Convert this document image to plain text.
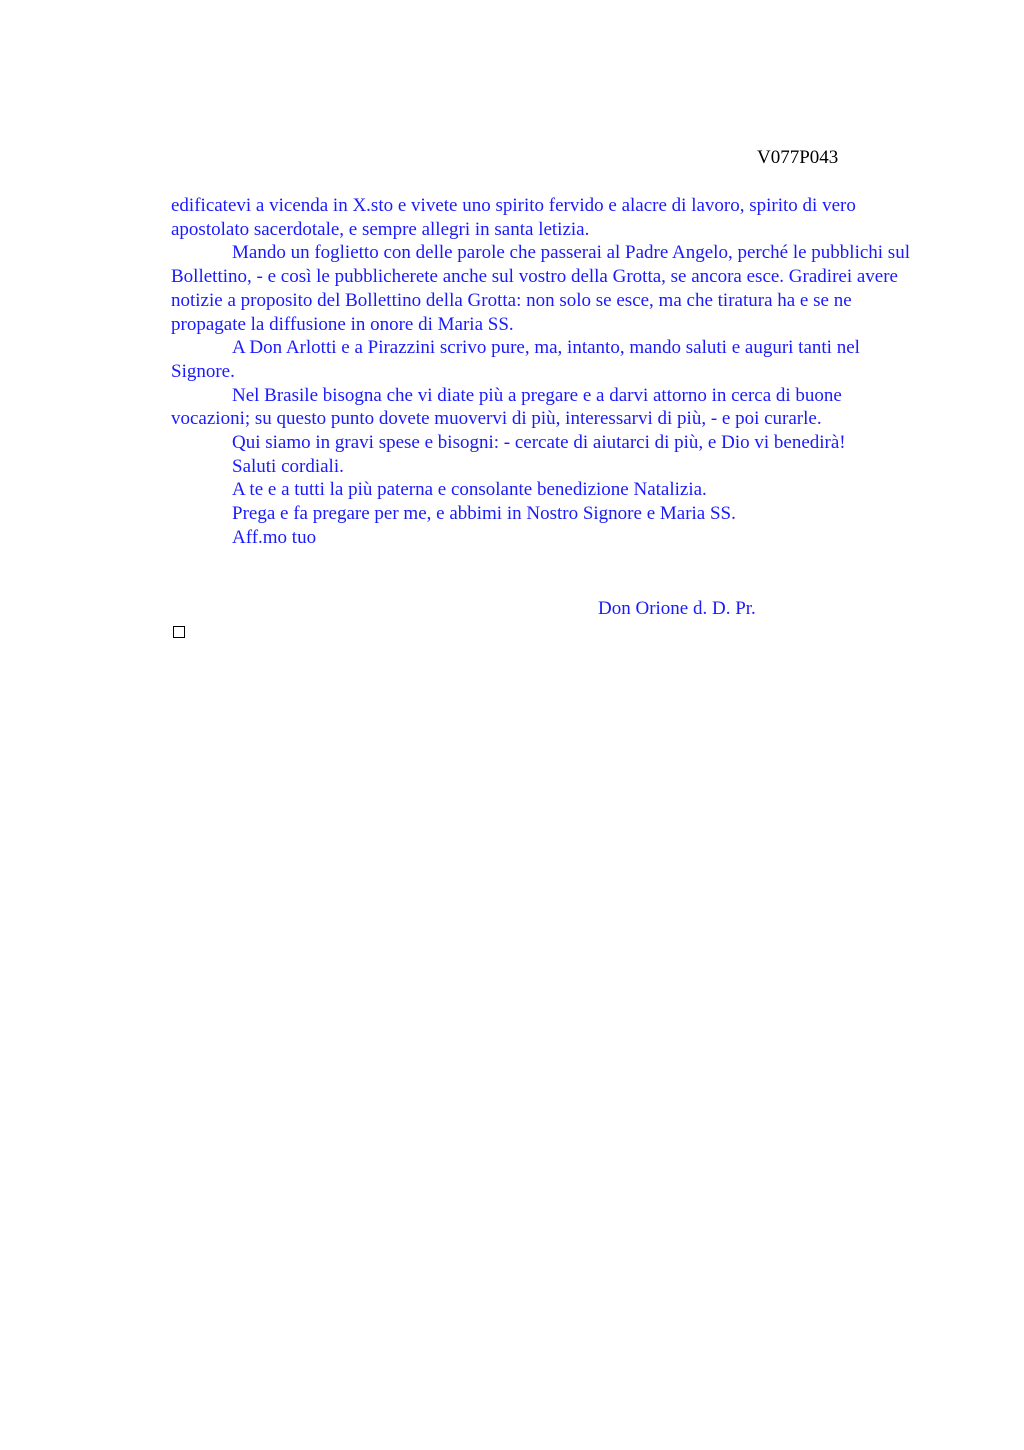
V077P043

edificatevi a vicenda in X.sto e vivete uno spirito fervido e alacre di lavoro, spirito di vero apostolato sacerdotale, e sempre allegri in santa letizia.

Mando un foglietto con delle parole che passerai al Padre Angelo, perché le pubblichi sul Bollettino, - e così le pubblicherete anche sul vostro della Grotta, se ancora esce. Gradirei avere notizie a proposito del Bollettino della Grotta: non solo se esce, ma che tiratura ha e se ne propagate la diffusione in onore di Maria SS.

A Don Arlotti e a Pirazzini scrivo pure, ma, intanto, mando saluti e auguri tanti nel Signore.

Nel Brasile bisogna che vi diate più a pregare e a darvi attorno in cerca di buone vocazioni; su questo punto dovete muovervi di più, interessarvi di più, - e poi curarle.

Qui siamo in gravi spese e bisogni: - cercate di aiutarci di più, e Dio vi benedirà!

Saluti cordiali.

A te e a tutti la più paterna e consolante benedizione Natalizia.

Prega e fa pregare per me, e abbimi in Nostro Signore e Maria SS.

Aff.mo tuo

Don Orione d. D. Pr.
